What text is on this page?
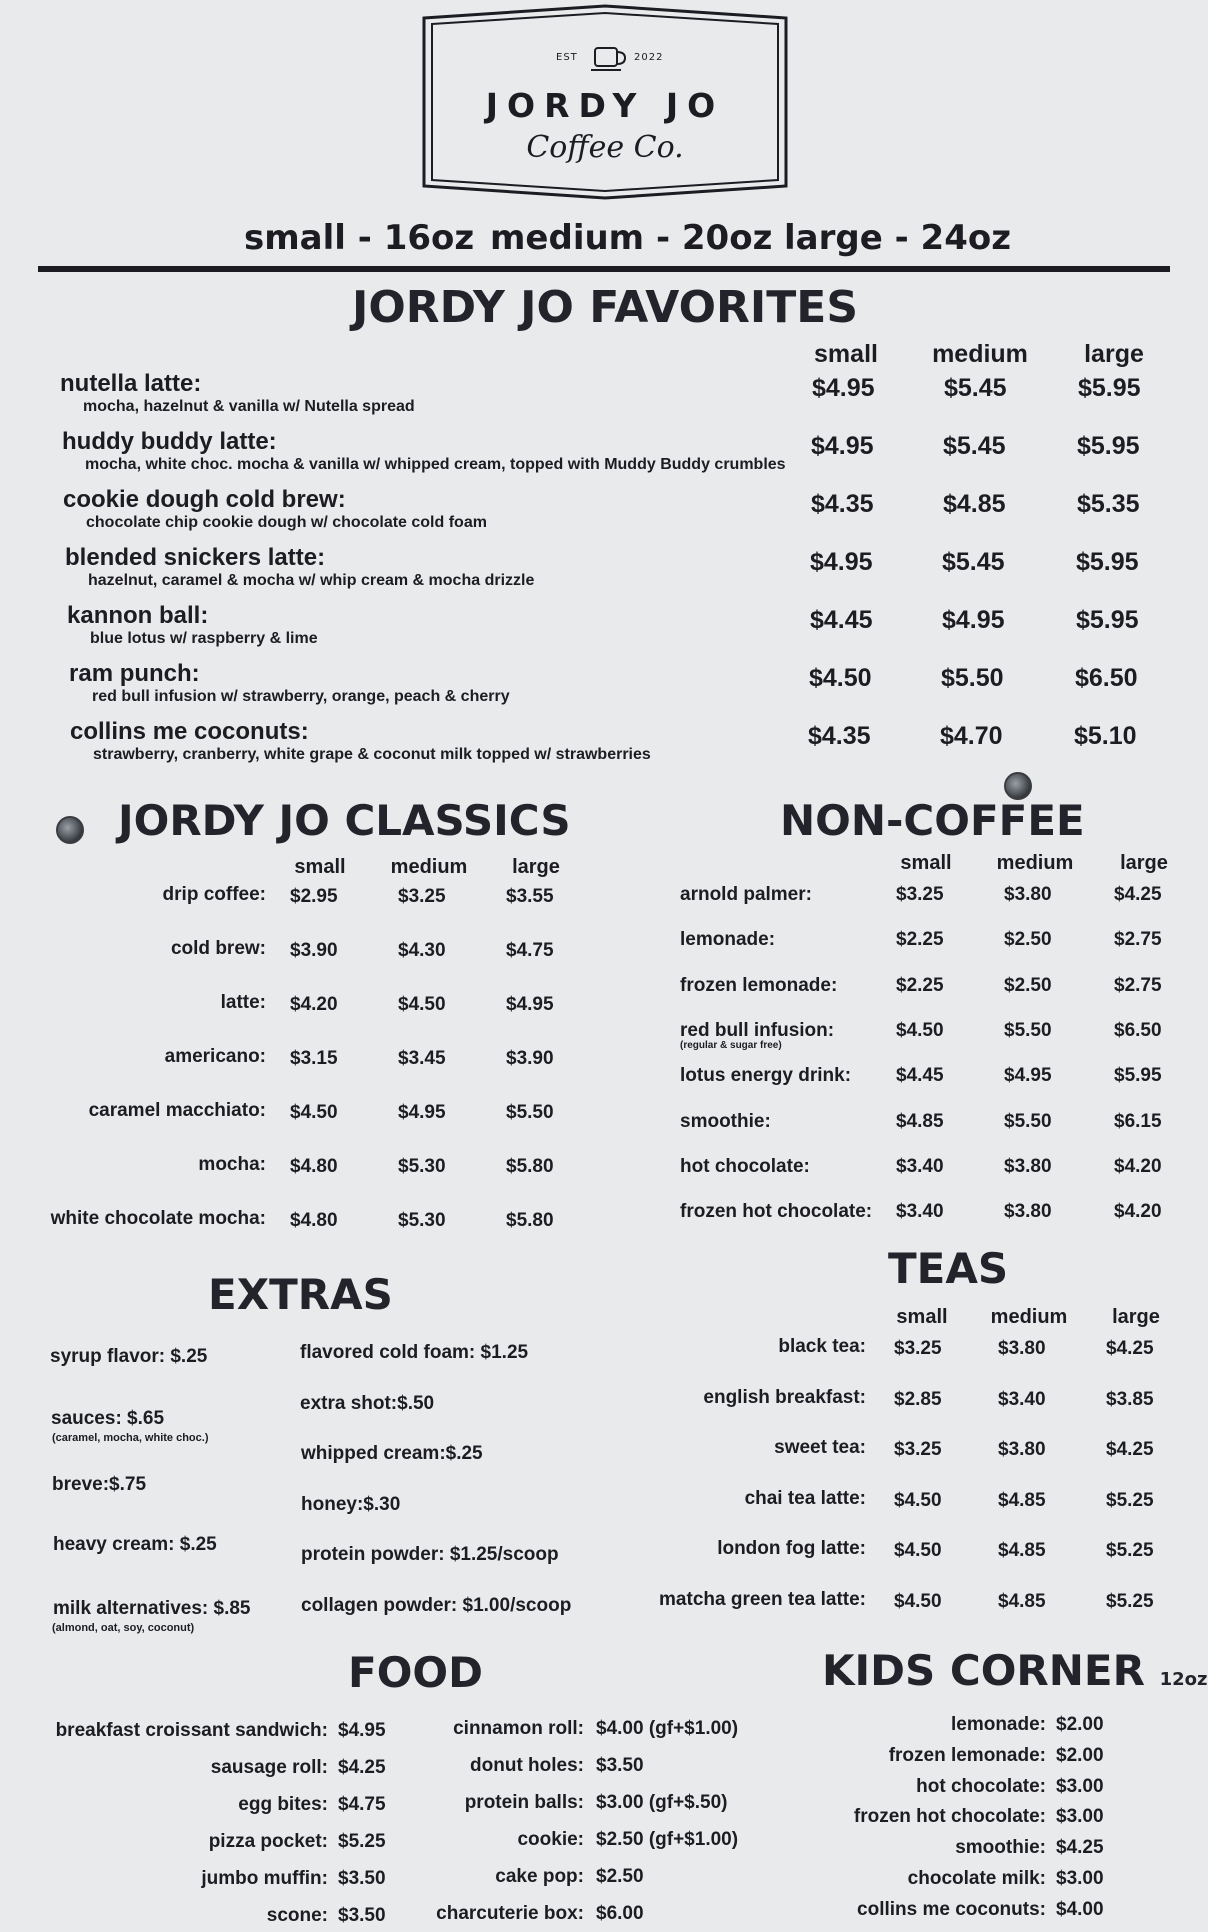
EST	2022
JORDY JO
Coffee Co.
small - 16oz medium - 20oz large - 24oz
JORDY JO FAVORITES
small	medium	large
nutella latte:
mocha, hazelnut & vanilla w/ Nutella spread
$4.95	$5.45	$5.95
huddy buddy latte:
mocha, white choc. mocha & vanilla w/ whipped cream, topped with Muddy Buddy crumbles
$4.95	$5.45	$5.95
cookie dough cold brew:
chocolate chip cookie dough w/ chocolate cold foam
$4.35	$4.85	$5.35
blended snickers latte:
hazelnut, caramel & mocha w/ whip cream & mocha drizzle
$4.95	$5.45	$5.95
kannon ball:
blue lotus w/ raspberry & lime
$4.45	$4.95	$5.95
ram punch:
red bull infusion w/ strawberry, orange, peach & cherry
$4.50	$5.50	$6.50
collins me coconuts:
strawberry, cranberry, white grape & coconut milk topped w/ strawberries
$4.35	$4.70	$5.10
JORDY JO CLASSICS
small	medium	large
drip coffee: $2.95	$3.25	$3.55
cold brew: $3.90	$4.30	$4.75
latte: $4.20	$4.50	$4.95
americano: $3.15	$3.45	$3.90
caramel macchiato: $4.50	$4.95	$5.50
mocha: $4.80	$5.30	$5.80
white chocolate mocha: $4.80	$5.30	$5.80
NON-COFFEE
small	medium	large
arnold palmer:	$3.25	$3.80	$4.25
lemonade:	$2.25	$2.50	$2.75
frozen lemonade:	$2.25	$2.50	$2.75
red bull infusion:
(regular & sugar free)
$4.50	$5.50	$6.50
lotus energy drink: $4.45	$4.95	$5.95
smoothie:	$4.85	$5.50	$6.15
hot chocolate:	$3.40	$3.80	$4.20
frozen hot chocolate: $3.40	$3.80	$4.20
EXTRAS
syrup flavor: $.25
sauces: $.65
(caramel, mocha, white choc.)
breve:$.75
heavy cream: $.25
milk alternatives: $.85
(almond, oat, soy, coconut)
flavored cold foam: $1.25
extra shot:$.50
whipped cream:$.25
honey:$.30
protein powder: $1.25/scoop
collagen powder: $1.00/scoop
TEAS
small	medium	large
black tea: $3.25	$3.80	$4.25
english breakfast: $2.85	$3.40	$3.85
sweet tea: $3.25	$3.80	$4.25
chai tea latte: $4.50	$4.85	$5.25
london fog latte: $4.50	$4.85	$5.25
matcha green tea latte: $4.50	$4.85	$5.25
FOOD
breakfast croissant sandwich: $4.95
sausage roll: $4.25
egg bites: $4.75
pizza pocket: $5.25
jumbo muffin: $3.50
scone: $3.50
cinnamon roll: $4.00 (gf+$1.00)
donut holes: $3.50
protein balls: $3.00 (gf+$.50)
cookie: $2.50 (gf+$1.00)
cake pop: $2.50
charcuterie box: $6.00
KIDS CORNER 12oz
lemonade: $2.00
frozen lemonade: $2.00
hot chocolate: $3.00
frozen hot chocolate: $3.00
smoothie: $4.25
chocolate milk: $3.00
collins me coconuts: $4.00
